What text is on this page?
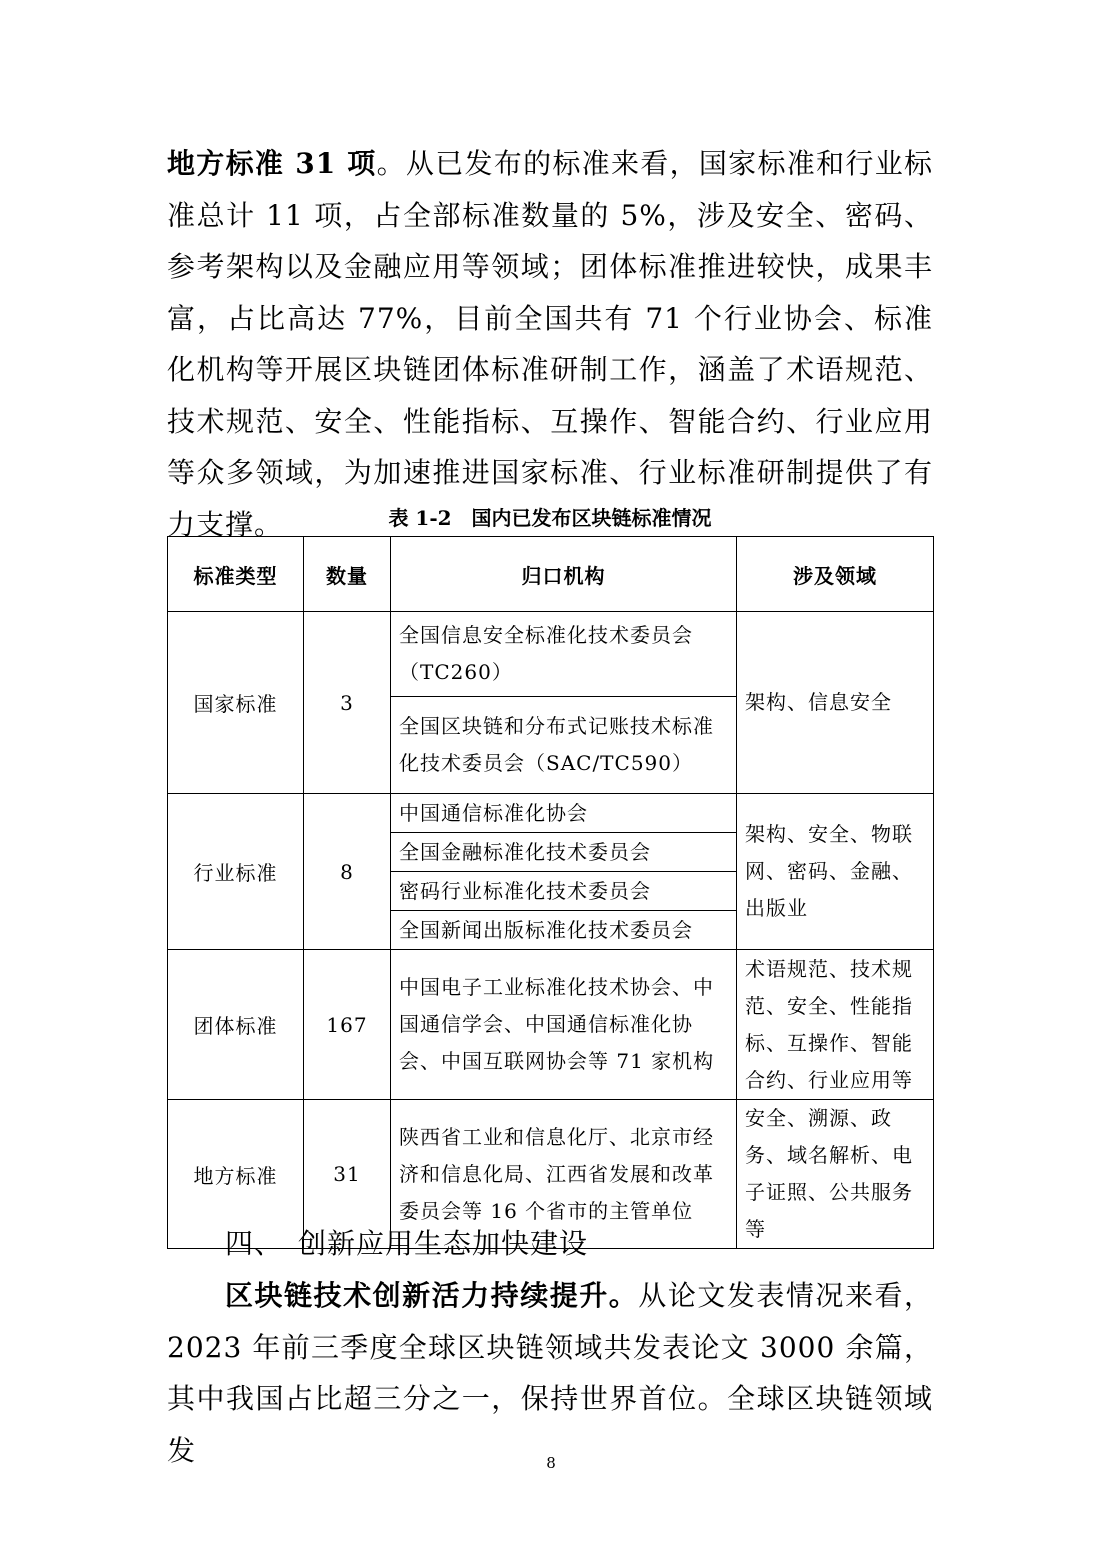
地方标准 31 项。从已发布的标准来看，国家标准和行业标准总计 11 项，占全部标准数量的 5%，涉及安全、密码、参考架构以及金融应用等领域；团体标准推进较快，成果丰富，占比高达 77%，目前全国共有 71 个行业协会、标准化机构等开展区块链团体标准研制工作，涵盖了术语规范、技术规范、安全、性能指标、互操作、智能合约、行业应用等众多领域，为加速推进国家标准、行业标准研制提供了有力支撑。	表 1-2　国内已发布区块链标准情况
标准类型	数量	归口机构	涉及领域
国家标准	3	全国信息安全标准化技术委员会（TC260）	架构、信息安全
		全国区块链和分布式记账技术标准化技术委员会（SAC/TC590）	
行业标准	8	中国通信标准化协会	架构、安全、物联网、密码、金融、出版业
		全国金融标准化技术委员会	
		密码行业标准化技术委员会	
		全国新闻出版标准化技术委员会	
团体标准	167	中国电子工业标准化技术协会、中国通信学会、中国通信标准化协会、中国互联网协会等 71 家机构	术语规范、技术规范、安全、性能指标、互操作、智能合约、行业应用等
地方标准	31	陕西省工业和信息化厅、北京市经济和信息化局、江西省发展和改革委员会等 16 个省市的主管单位	安全、溯源、政务、域名解析、电子证照、公共服务等
四、　创新应用生态加快建设
区块链技术创新活力持续提升。从论文发表情况来看，2023 年前三季度全球区块链领域共发表论文 3000 余篇，其中我国占比超三分之一，保持世界首位。全球区块链领域发	8
